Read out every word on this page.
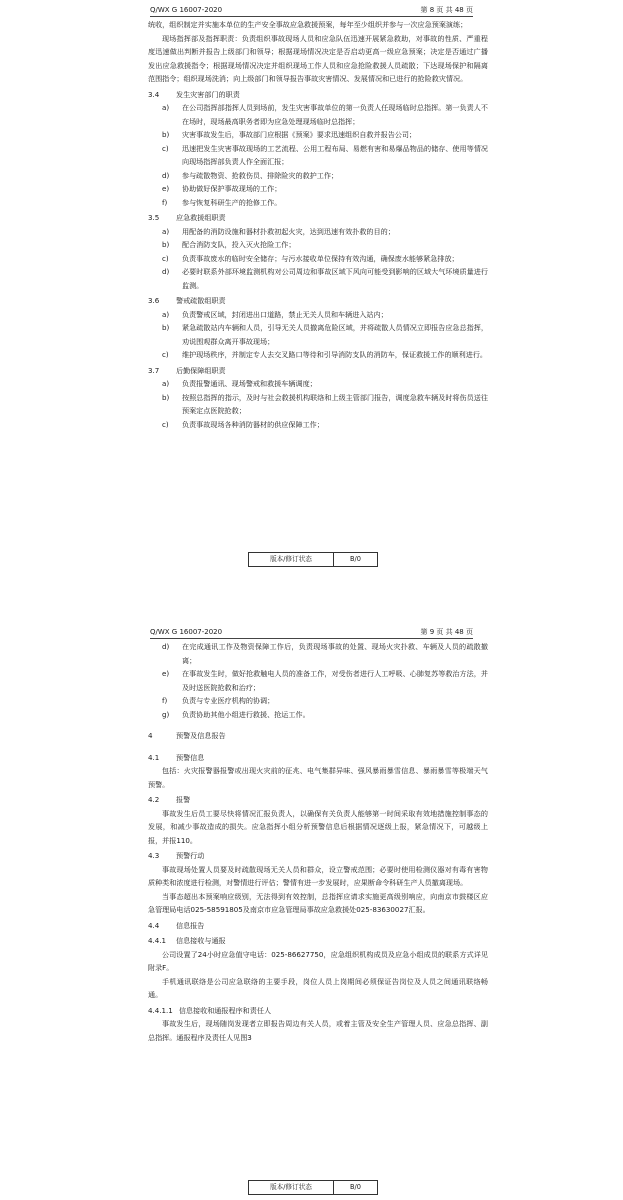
Q/WX G 16007-2020	第 8 页 共 48 页

统收，组织制定并实施本单位的生产安全事故应急救援预案，每年至少组织并参与一次应急预案演练；

现场指挥部及指挥职责：负责组织事故现场人员和应急队伍迅速开展紧急救助，对事故的性质、严重程度迅速做出判断并报告上级部门和领导；根据现场情况决定是否启动更高一级应急预案；决定是否通过广播发出应急救援指令；根据现场情况决定并组织现场工作人员和应急抢险救援人员疏散；下达现场保护和隔离范围指令；组织现场洗消；向上级部门和领导报告事故灾害情况、发展情况和已进行的抢险救灾情况。

3.4 发生灾害部门的职责
a) 在公司指挥部指挥人员到场前，发生灾害事故单位的第一负责人任现场临时总指挥。第一负责人不在场时，现场最高职务者即为应急处理现场临时总指挥；
b) 灾害事故发生后，事故部门应根据《预案》要求迅速组织自救并报告公司；
c) 迅速把发生灾害事故现场的工艺流程、公用工程布局、易燃有害和易爆品物品的储存、使用等情况向现场指挥部负责人作全面汇报；
d) 参与疏散物资、抢救伤员、排除险灾的救护工作；
e) 协助做好保护事故现场的工作；
f) 参与恢复科研生产的抢修工作。
3.5 应急救援组职责
a) 用配备的消防设施和器材扑救初起火灾，达到迅速有效扑救的目的；
b) 配合消防支队，投入灭火抢险工作；
c) 负责事故废水的临时安全储存；与污水接收单位保持有效沟通，确保废水能够紧急排放；
d) 必要时联系外部环境监测机构对公司周边和事故区域下风向可能受到影响的区域大气环境质量进行监测。
3.6 警戒疏散组职责
a) 负责警戒区域，封闭进出口道路，禁止无关人员和车辆进入站内；
b) 紧急疏散站内车辆和人员，引导无关人员撤离危险区域，并将疏散人员情况立即报告应急总指挥，劝说围观群众离开事故现场；
c) 维护现场秩序，并制定专人去交叉路口等待和引导消防支队的消防车，保证救援工作的顺利进行。
3.7 后勤保障组职责
a) 负责报警通讯、现场警戒和救援车辆调度；
b) 按照总指挥的指示，及时与社会救援机构联络和上级主管部门报告，调度急救车辆及时将伤员送往预案定点医院抢救；
c) 负责事故现场各种消防器材的供应保障工作；
版本/修订状态	B/0
Q/WX G 16007-2020	第 9 页 共 48 页
d) 在完成通讯工作及物资保障工作后，负责现场事故的处置、现场火灾扑救、车辆及人员的疏散撤离；
e) 在事故发生时，做好抢救触电人员的准备工作，对受伤者进行人工呼吸、心肺复苏等救治方法，并及时送医院抢救和治疗；
f) 负责与专业医疗机构的协调；
g) 负责协助其他小组进行救援、抢运工作。
4	预警及信息报告
4.1 预警信息

包括：火灾报警器报警或出现火灾前的征兆、电气集群异味、强风暴雨暴雪信息、暴雨暴雪等极端天气预警。

4.2 报警

事故发生后员工要尽快将情况汇报负责人，以确保有关负责人能够第一时间采取有效地措施控制事态的发展，和减少事故造成的损失。应急指挥小组分析预警信息后根据情况逐级上报，紧急情况下，可越级上报，并报110。

4.3 预警行动

事故现场处置人员要及时疏散现场无关人员和群众，设立警戒范围；必要时使用检测仪器对有毒有害物质种类和浓度进行检测，对警情进行评估；警情有进一步发展时，应果断命令科研生产人员撤离现场。

当事态超出本预案响应级别，无法得到有效控制，总指挥应请求实施更高级别响应，向南京市鼓楼区应急管理局电话025-58591805及南京市应急管理局事故应急救援处025-83630027汇报。

4.4 信息报告
4.4.1 信息接收与通报

公司设置了24小时应急值守电话：025-86627750，应急组织机构成员及应急小组成员的联系方式详见附录F。

手机通讯联络是公司应急联络的主要手段，岗位人员上岗期间必须保证告岗位及人员之间通讯联络畅通。

4.4.1.1 信息接收和通报程序和责任人

事故发生后，现场随岗发现者立即报告周边有关人员，或着主管及安全生产管理人员、应急总指挥、副总指挥。通报程序及责任人见图3

版本/修订状态	B/0
